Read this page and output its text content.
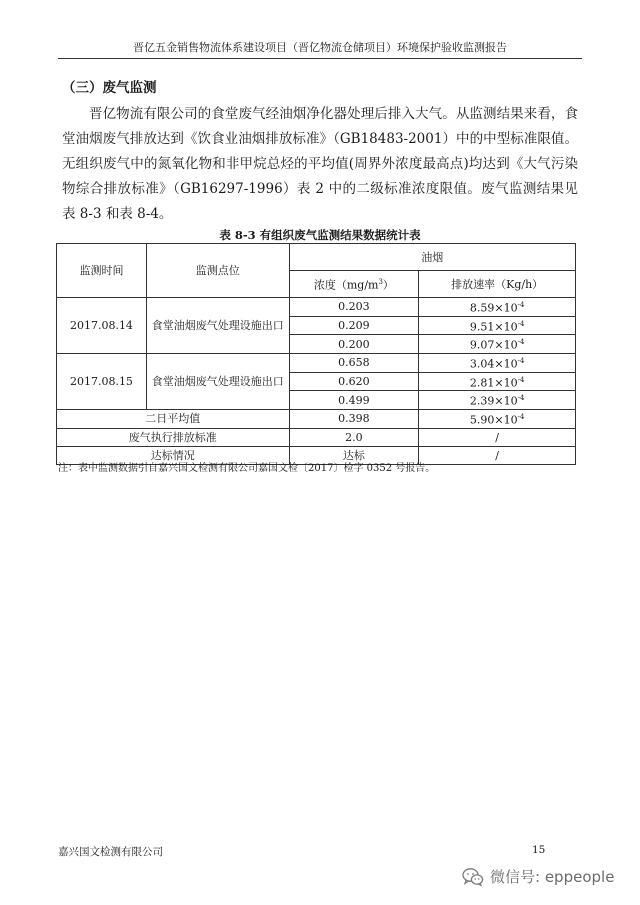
晋亿五金销售物流体系建设项目（晋亿物流仓储项目）环境保护验收监测报告
（三）废气监测

晋亿物流有限公司的食堂废气经油烟净化器处理后排入大气。从监测结果来看，食堂油烟废气排放达到《饮食业油烟排放标准》（GB18483-2001）中的中型标准限值。无组织废气中的氮氧化物和非甲烷总烃的平均值(周界外浓度最高点)均达到《大气污染物综合排放标准》（GB16297-1996）表 2 中的二级标准浓度限值。废气监测结果见表 8-3 和表 8-4。

表 8-3 有组织废气监测结果数据统计表
监测时间	监测点位	油烟	
		浓度$(mg/m^3)$	排放速率（Kg/h）
2017.08.14	食堂油烟废气处理设施出口	0.203	$8.59\times 10^{-4}$
		0.209	$9.51\times 10^{-4}$
		0.200	$9.07\times 10^{-4}$
2017.08.15	食堂油烟废气处理设施出口	0.658	$3.04\times 10^{-4}$
		0.620	$2.81\times 10^{-4}$
		0.499	$2.39\times 10^{-4}$
二日平均值		0.398	$5.90\times 10^{-4}$
废气执行排放标准		2.0	/
达标情况		达标	/
注：表中监测数据引自嘉兴国文检测有限公司嘉国文检〔2017〕检字 0352 号报告。
嘉兴国文检测有限公司	15
微信号: eppeople
